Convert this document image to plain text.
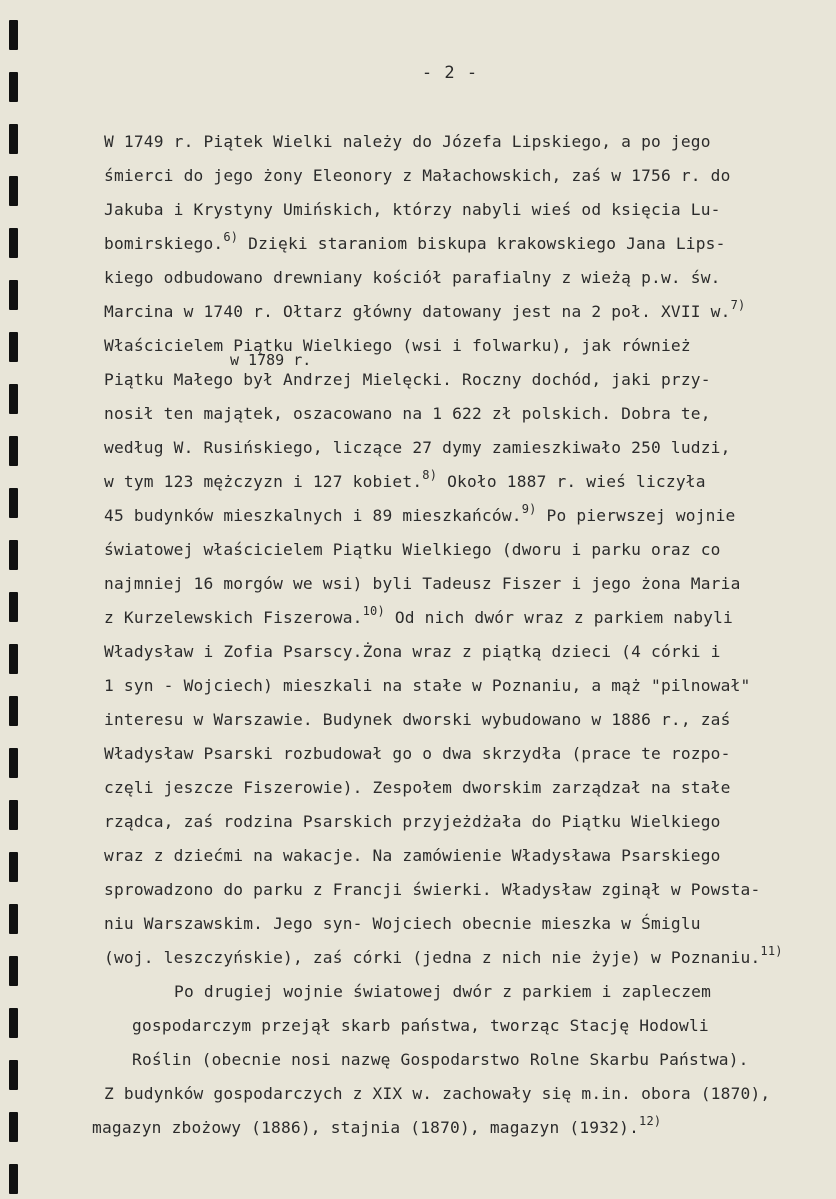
- 2 -
W 1749 r. Piątek Wielki należy do Józefa Lipskiego, a po jego
śmierci do jego żony Eleonory z Małachowskich, zaś w 1756 r. do
Jakuba i Krystyny Umińskich, którzy nabyli wieś od księcia Lu-
bomirskiego.$^{6)}$ Dzięki staraniom biskupa krakowskiego Jana Lips-
kiego odbudowano drewniany kościół parafialny z wieżą p.w. św.
Marcina w 1740 r. Ołtarz główny datowany jest na 2 poł. XVII w.$^{7)}$
Właścicielem Piątku Wielkiego (wsi i folwarku), jak również
w 1789 r.
Piątku Małego był Andrzej Mielęcki. Roczny dochód, jaki przy-
nosił ten majątek, oszacowano na 1 622 zł polskich. Dobra te,
według W. Rusińskiego, liczące 27 dymy zamieszkiwało 250 ludzi,
w tym 123 mężczyzn i 127 kobiet.$^{8)}$ Około 1887 r. wieś liczyła
45 budynków mieszkalnych i 89 mieszkańców.$^{9)}$ Po pierwszej wojnie
światowej właścicielem Piątku Wielkiego (dworu i parku oraz co
najmniej 16 morgów we wsi) byli Tadeusz Fiszer i jego żona Maria
z Kurzelewskich Fiszerowa.$^{10)}$ Od nich dwór wraz z parkiem nabyli
Władysław i Zofia Psarscy.Żona wraz z piątką dzieci (4 córki i
1 syn - Wojciech) mieszkali na stałe w Poznaniu, a mąż "pilnował"
interesu w Warszawie. Budynek dworski wybudowano w 1886 r., zaś
Władysław Psarski rozbudował go o dwa skrzydła (prace te rozpo-
częli jeszcze Fiszerowie). Zespołem dworskim zarządzał na stałe
rządca, zaś rodzina Psarskich przyjeżdżała do Piątku Wielkiego
wraz z dziećmi na wakacje. Na zamówienie Władysława Psarskiego
sprowadzono do parku z Francji świerki. Władysław zginął w Powsta-
niu Warszawskim. Jego syn- Wojciech obecnie mieszka w Śmiglu
(woj. leszczyńskie), zaś córki (jedna z nich nie żyje) w Poznaniu.$^{11)}$
Po drugiej wojnie światowej dwór z parkiem i zapleczem
gospodarczym przejął skarb państwa, tworząc Stację Hodowli
Roślin (obecnie nosi nazwę Gospodarstwo Rolne Skarbu Państwa).
Z budynków gospodarczych z XIX w. zachowały się m.in. obora (1870),
magazyn zbożowy (1886), stajnia (1870), magazyn (1932).$^{12)}$
